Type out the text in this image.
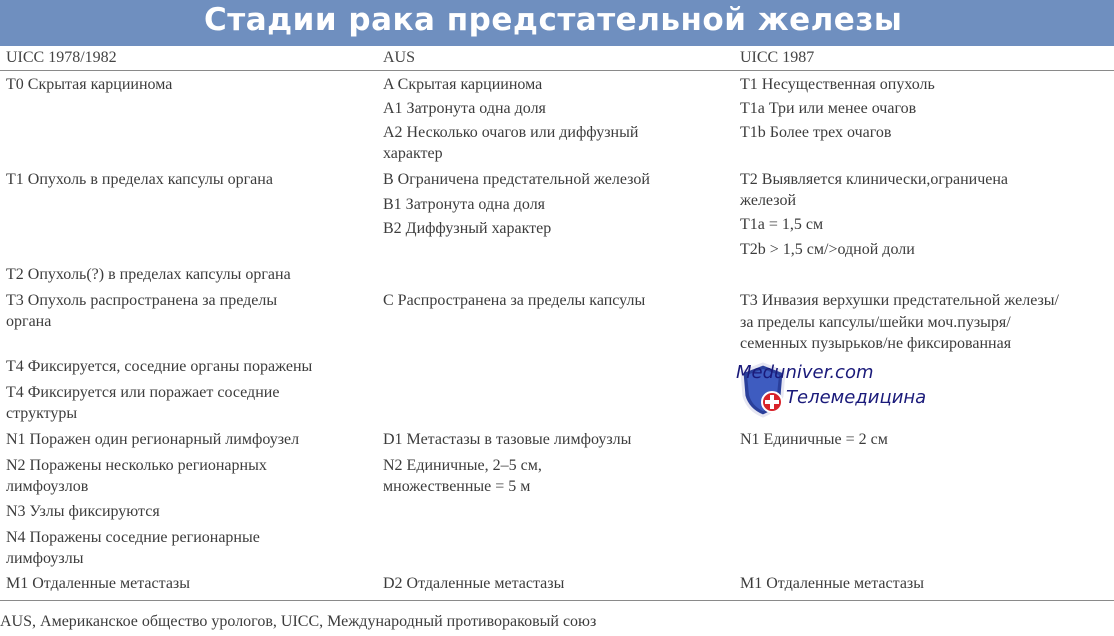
Стадии рака предстательной железы
UICC 1978/1982	AUS	UICC 1987
T0 Скрытая карциинома
T1 Опухоль в пределах капсулы органа
T2 Опухоль(?) в пределах капсулы органа
T3 Опухоль распространена за пределы
органа
T4 Фиксируется, соседние органы поражены
T4 Фиксируется или поражает соседние
структуры
N1 Поражен один регионарный лимфоузел
N2 Поражены несколько регионарных
лимфоузлов
N3 Узлы фиксируются
N4 Поражены соседние регионарные
лимфоузлы
M1 Отдаленные метастазы
A Скрытая карциинома
A1 Затронута одна доля
A2 Несколько очагов или диффузный
характер
B Ограничена предстательной железой
B1 Затронута одна доля
B2 Диффузный характер
C Распространена за пределы капсулы
D1 Метастазы в тазовые лимфоузлы
N2 Единичные, 2–5 см,
множественные = 5 м
D2 Отдаленные метастазы
T1 Несущественная опухоль
T1a Три или менее очагов
T1b Более трех очагов
T2 Выявляется клинически,ограничена
железой
T1a = 1,5 см
T2b > 1,5 см/>одной доли
T3 Инвазия верхушки предстательной железы/
за пределы капсулы/шейки моч.пузыря/
семенных пузырьков/не фиксированная
N1 Единичные = 2 см
M1 Отдаленные метастазы
Meduniver.com
Телемедицина
AUS, Американское общество урологов, UICC, Международный противораковый союз
